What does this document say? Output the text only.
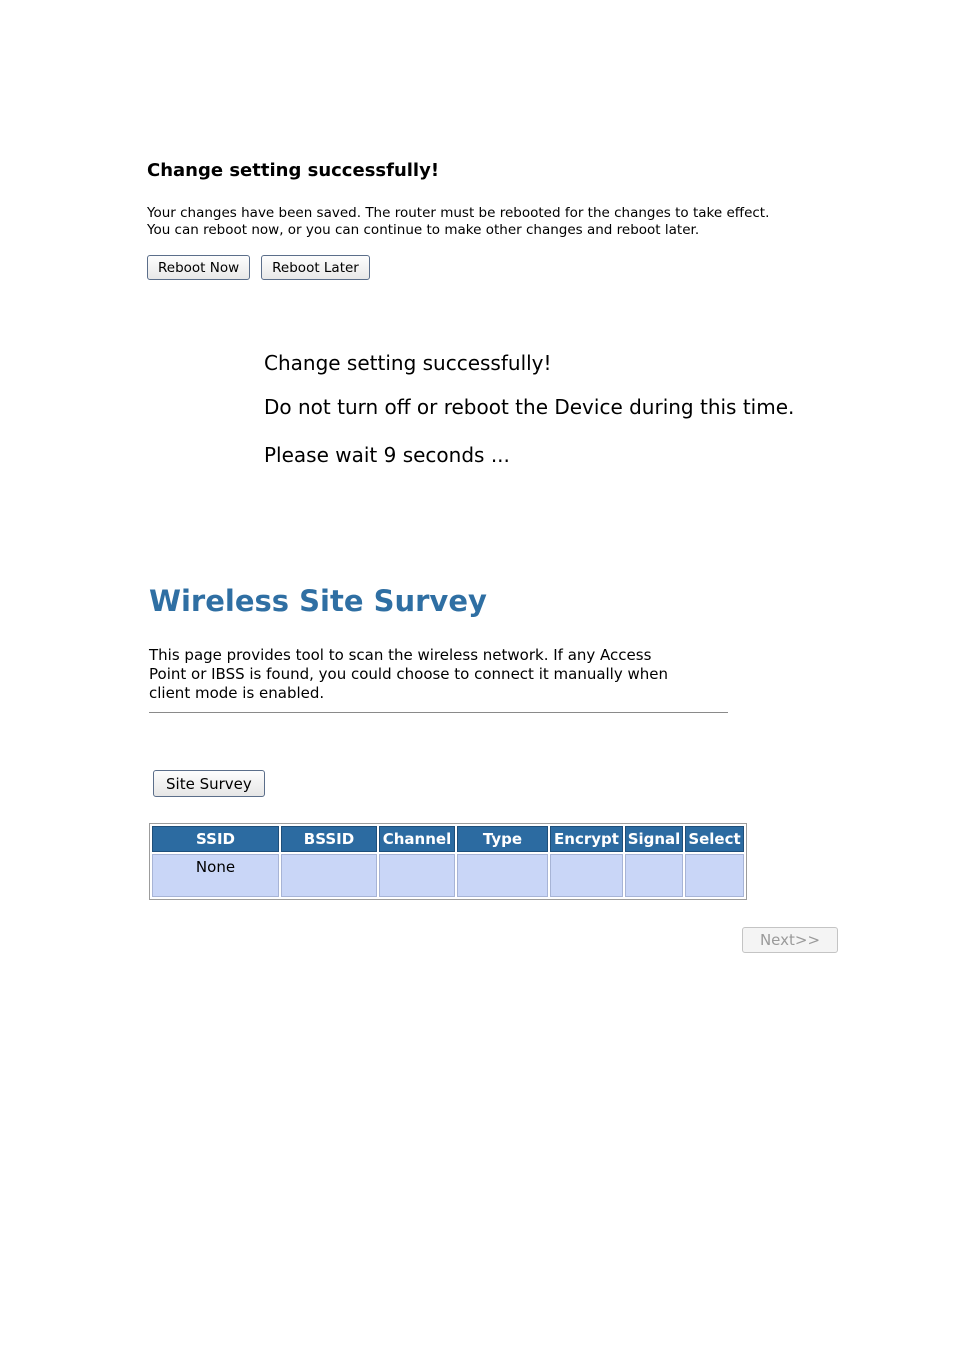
Change setting successfully!

Your changes have been saved. The router must be rebooted for the changes to take effect.
You can reboot now, or you can continue to make other changes and reboot later.
Reboot Now	Reboot Later
Change setting successfully!
Do not turn off or reboot the Device during this time.
Please wait 9 seconds ...
Wireless Site Survey
This page provides tool to scan the wireless network. If any Access
Point or IBSS is found, you could choose to connect it manually when
client mode is enabled.
Site Survey
SSID	BSSID	Channel	Type	Encrypt	Signal	Select
None						
Next>>
